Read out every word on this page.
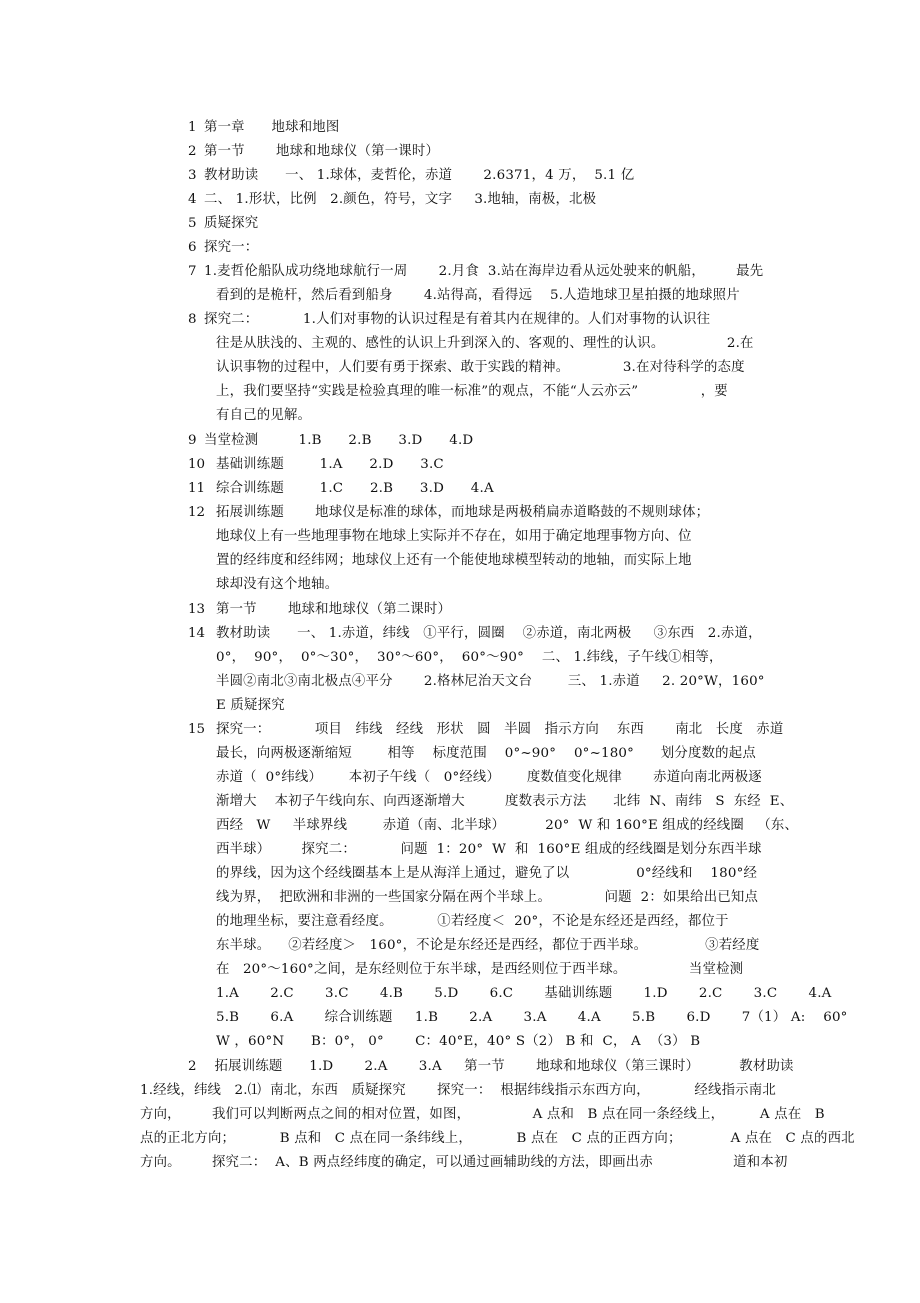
1 第一章      地球和地图
2 第一节       地球和地球仪（第一课时）
3 教材助读      一、 1.球体，麦哲伦，赤道       2.6371，4 万，  5.1 亿
4 二、 1.形状，比例   2.颜色，符号，文字     3.地轴，南极，北极
5 质疑探究
6 探究一：
7 1.麦哲伦船队成功绕地球航行一周       2.月食  3.站在海岸边看从远处驶来的帆船，       最先
看到的是桅杆，然后看到船身       4.站得高，看得远    5.人造地球卫星拍摄的地球照片
8 探究二：          1.人们对事物的认识过程是有着其内在规律的。人们对事物的认识往
往是从肤浅的、主观的、感性的认识上升到深入的、客观的、理性的认识。              2.在
认识事物的过程中，人们要有勇于探索、敢于实践的精神。            3.在对待科学的态度
上，我们要坚持“实践是检验真理的唯一标准”的观点，不能“人云亦云”              ，要
有自己的见解。
9 当堂检测         1.B      2.B      3.D      4.D
10 基础训练题        1.A      2.D      3.C
11 综合训练题        1.C      2.B      3.D      4.A
12 拓展训练题       地球仪是标准的球体，而地球是两极稍扁赤道略鼓的不规则球体；
地球仪上有一些地理事物在地球上实际并不存在，如用于确定地理事物方向、位
置的经纬度和经纬网；地球仪上还有一个能使地球模型转动的地轴，而实际上地
球却没有这个地轴。
13 第一节       地球和地球仪（第二课时）
14 教材助读      一、 1.赤道，纬线   ①平行，圆圈    ②赤道，南北两极     ③东西   2.赤道，
0°，  90°，  0°～30°，  30°～60°，  60°～90°    二、 1.纬线，子午线①相等，
半圆②南北③南北极点④平分       2.格林尼治天文台        三、 1.赤道     2. 20°W，160°
E 质疑探究
15 探究一：          项目   纬线   经线   形状   圆   半圆   指示方向    东西       南北   长度   赤道
最长，向两极逐渐缩短        相等    标度范围    0°~90°    0°~180°      划分度数的起点
赤道（  0°纬线）      本初子午线（   0°经线）      度数值变化规律       赤道向南北两极逐
渐增大    本初子午线向东、向西逐渐增大         度数表示方法      北纬  N、南纬   S  东经  E、
西经   W     半球界线        赤道（南、北半球）         20°  W 和 160°E 组成的经线圈   （东、
西半球）       探究二：          问题  1：20°  W  和  160°E 组成的经线圈是划分东西半球
的界线，因为这个经线圈基本上是从海洋上通过，避免了以               0°经线和    180°经
线为界，  把欧洲和非洲的一些国家分隔在两个半球上。            问题  2：如果给出已知点
的地理坐标，要注意看经度。          ①若经度＜  20°，不论是东经还是西经，都位于
东半球。    ②若经度＞   160°，不论是东经还是西经，都位于西半球。             ③若经度
在   20°～160°之间，是东经则位于东半球，是西经则位于西半球。              当堂检测
1.A       2.C       3.C       4.B       5.D       6.C       基础训练题       1.D       2.C       3.C       4.A
5.B       6.A       综合训练题     1.B       2.A       3.A       4.A       5.B       6.D       7（1） A:    60°
W ，60°N      B：0°， 0°       C：40°E，40° S（2） B 和  C， A  （3） B
2    拓展训练题      1.D       2.A       3.A     第一节       地球和地球仪（第三课时）         教材助读
1.经线，纬线   2.⑴  南北，东西   质疑探究       探究一：  根据纬线指示东西方向，          经线指示南北
方向，       我们可以判断两点之间的相对位置，如图，              A 点和   B 点在同一条经线上，        A 点在   B
点的正北方向；          B 点和   C 点在同一条纬线上，          B 点在   C 点的正西方向；           A 点在   C 点的西北
方向。       探究二：  A、B 两点经纬度的确定，可以通过画辅助线的方法，即画出赤                  道和本初
